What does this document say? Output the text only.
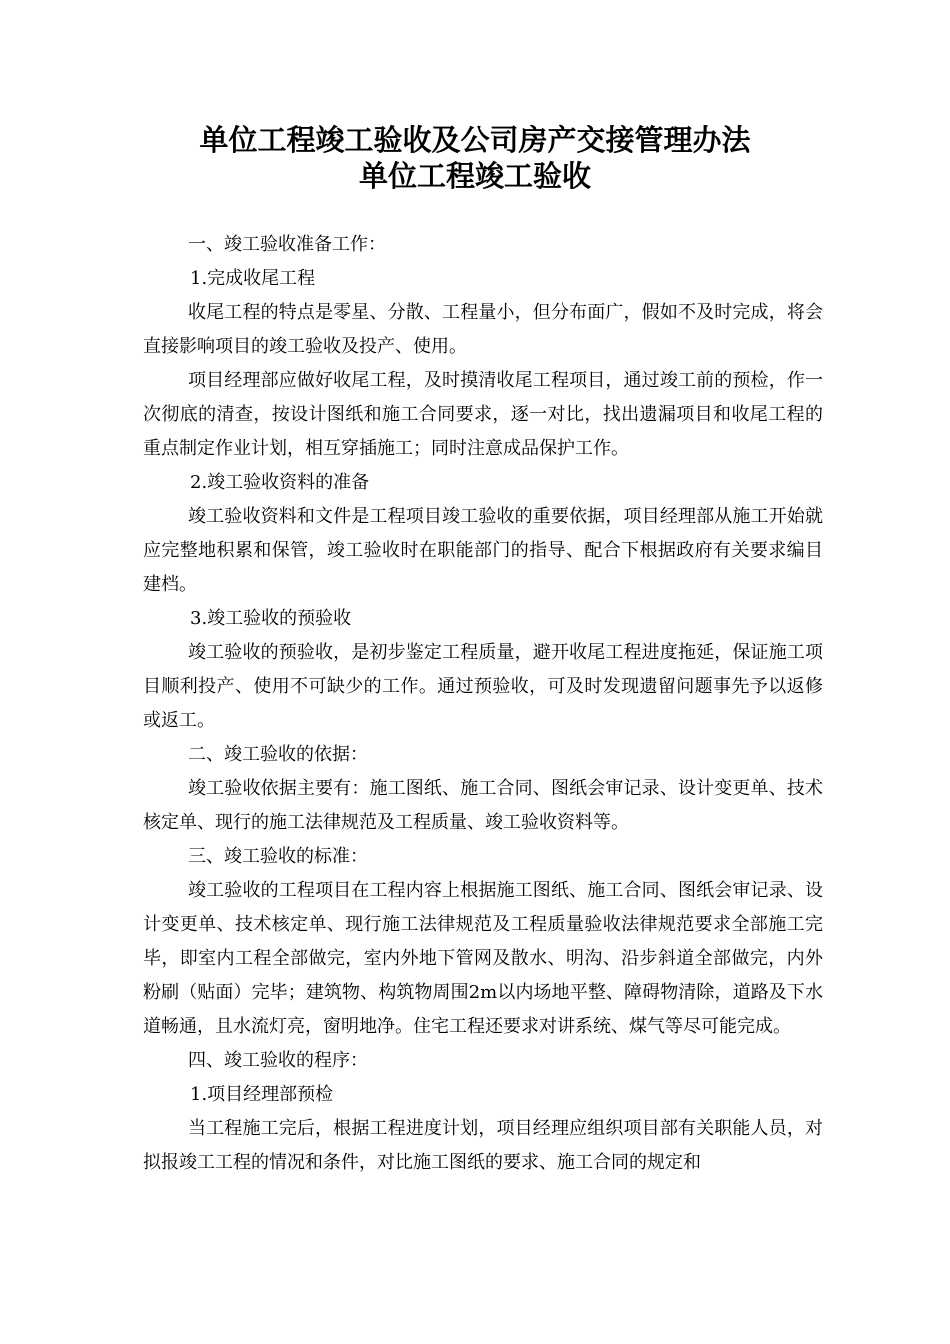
单位工程竣工验收及公司房产交接管理办法
单位工程竣工验收

一、竣工验收准备工作：

1.完成收尾工程

收尾工程的特点是零星、分散、工程量小，但分布面广，假如不及时完成，将会直接影响项目的竣工验收及投产、使用。

项目经理部应做好收尾工程，及时摸清收尾工程项目，通过竣工前的预检，作一次彻底的清查，按设计图纸和施工合同要求，逐一对比，找出遗漏项目和收尾工程的重点制定作业计划，相互穿插施工；同时注意成品保护工作。

2.竣工验收资料的准备

竣工验收资料和文件是工程项目竣工验收的重要依据，项目经理部从施工开始就应完整地积累和保管，竣工验收时在职能部门的指导、配合下根据政府有关要求编目建档。

3.竣工验收的预验收

竣工验收的预验收，是初步鉴定工程质量，避开收尾工程进度拖延，保证施工项目顺利投产、使用不可缺少的工作。通过预验收，可及时发现遗留问题事先予以返修或返工。

二、竣工验收的依据：

竣工验收依据主要有：施工图纸、施工合同、图纸会审记录、设计变更单、技术核定单、现行的施工法律规范及工程质量、竣工验收资料等。

三、竣工验收的标准：

竣工验收的工程项目在工程内容上根据施工图纸、施工合同、图纸会审记录、设计变更单、技术核定单、现行施工法律规范及工程质量验收法律规范要求全部施工完毕，即室内工程全部做完，室内外地下管网及散水、明沟、沿步斜道全部做完，内外粉刷（贴面）完毕；建筑物、构筑物周围2m以内场地平整、障碍物清除，道路及下水道畅通，且水流灯亮，窗明地净。住宅工程还要求对讲系统、煤气等尽可能完成。

四、竣工验收的程序：

1.项目经理部预检

当工程施工完后，根据工程进度计划，项目经理应组织项目部有关职能人员，对拟报竣工工程的情况和条件，对比施工图纸的要求、施工合同的规定和
